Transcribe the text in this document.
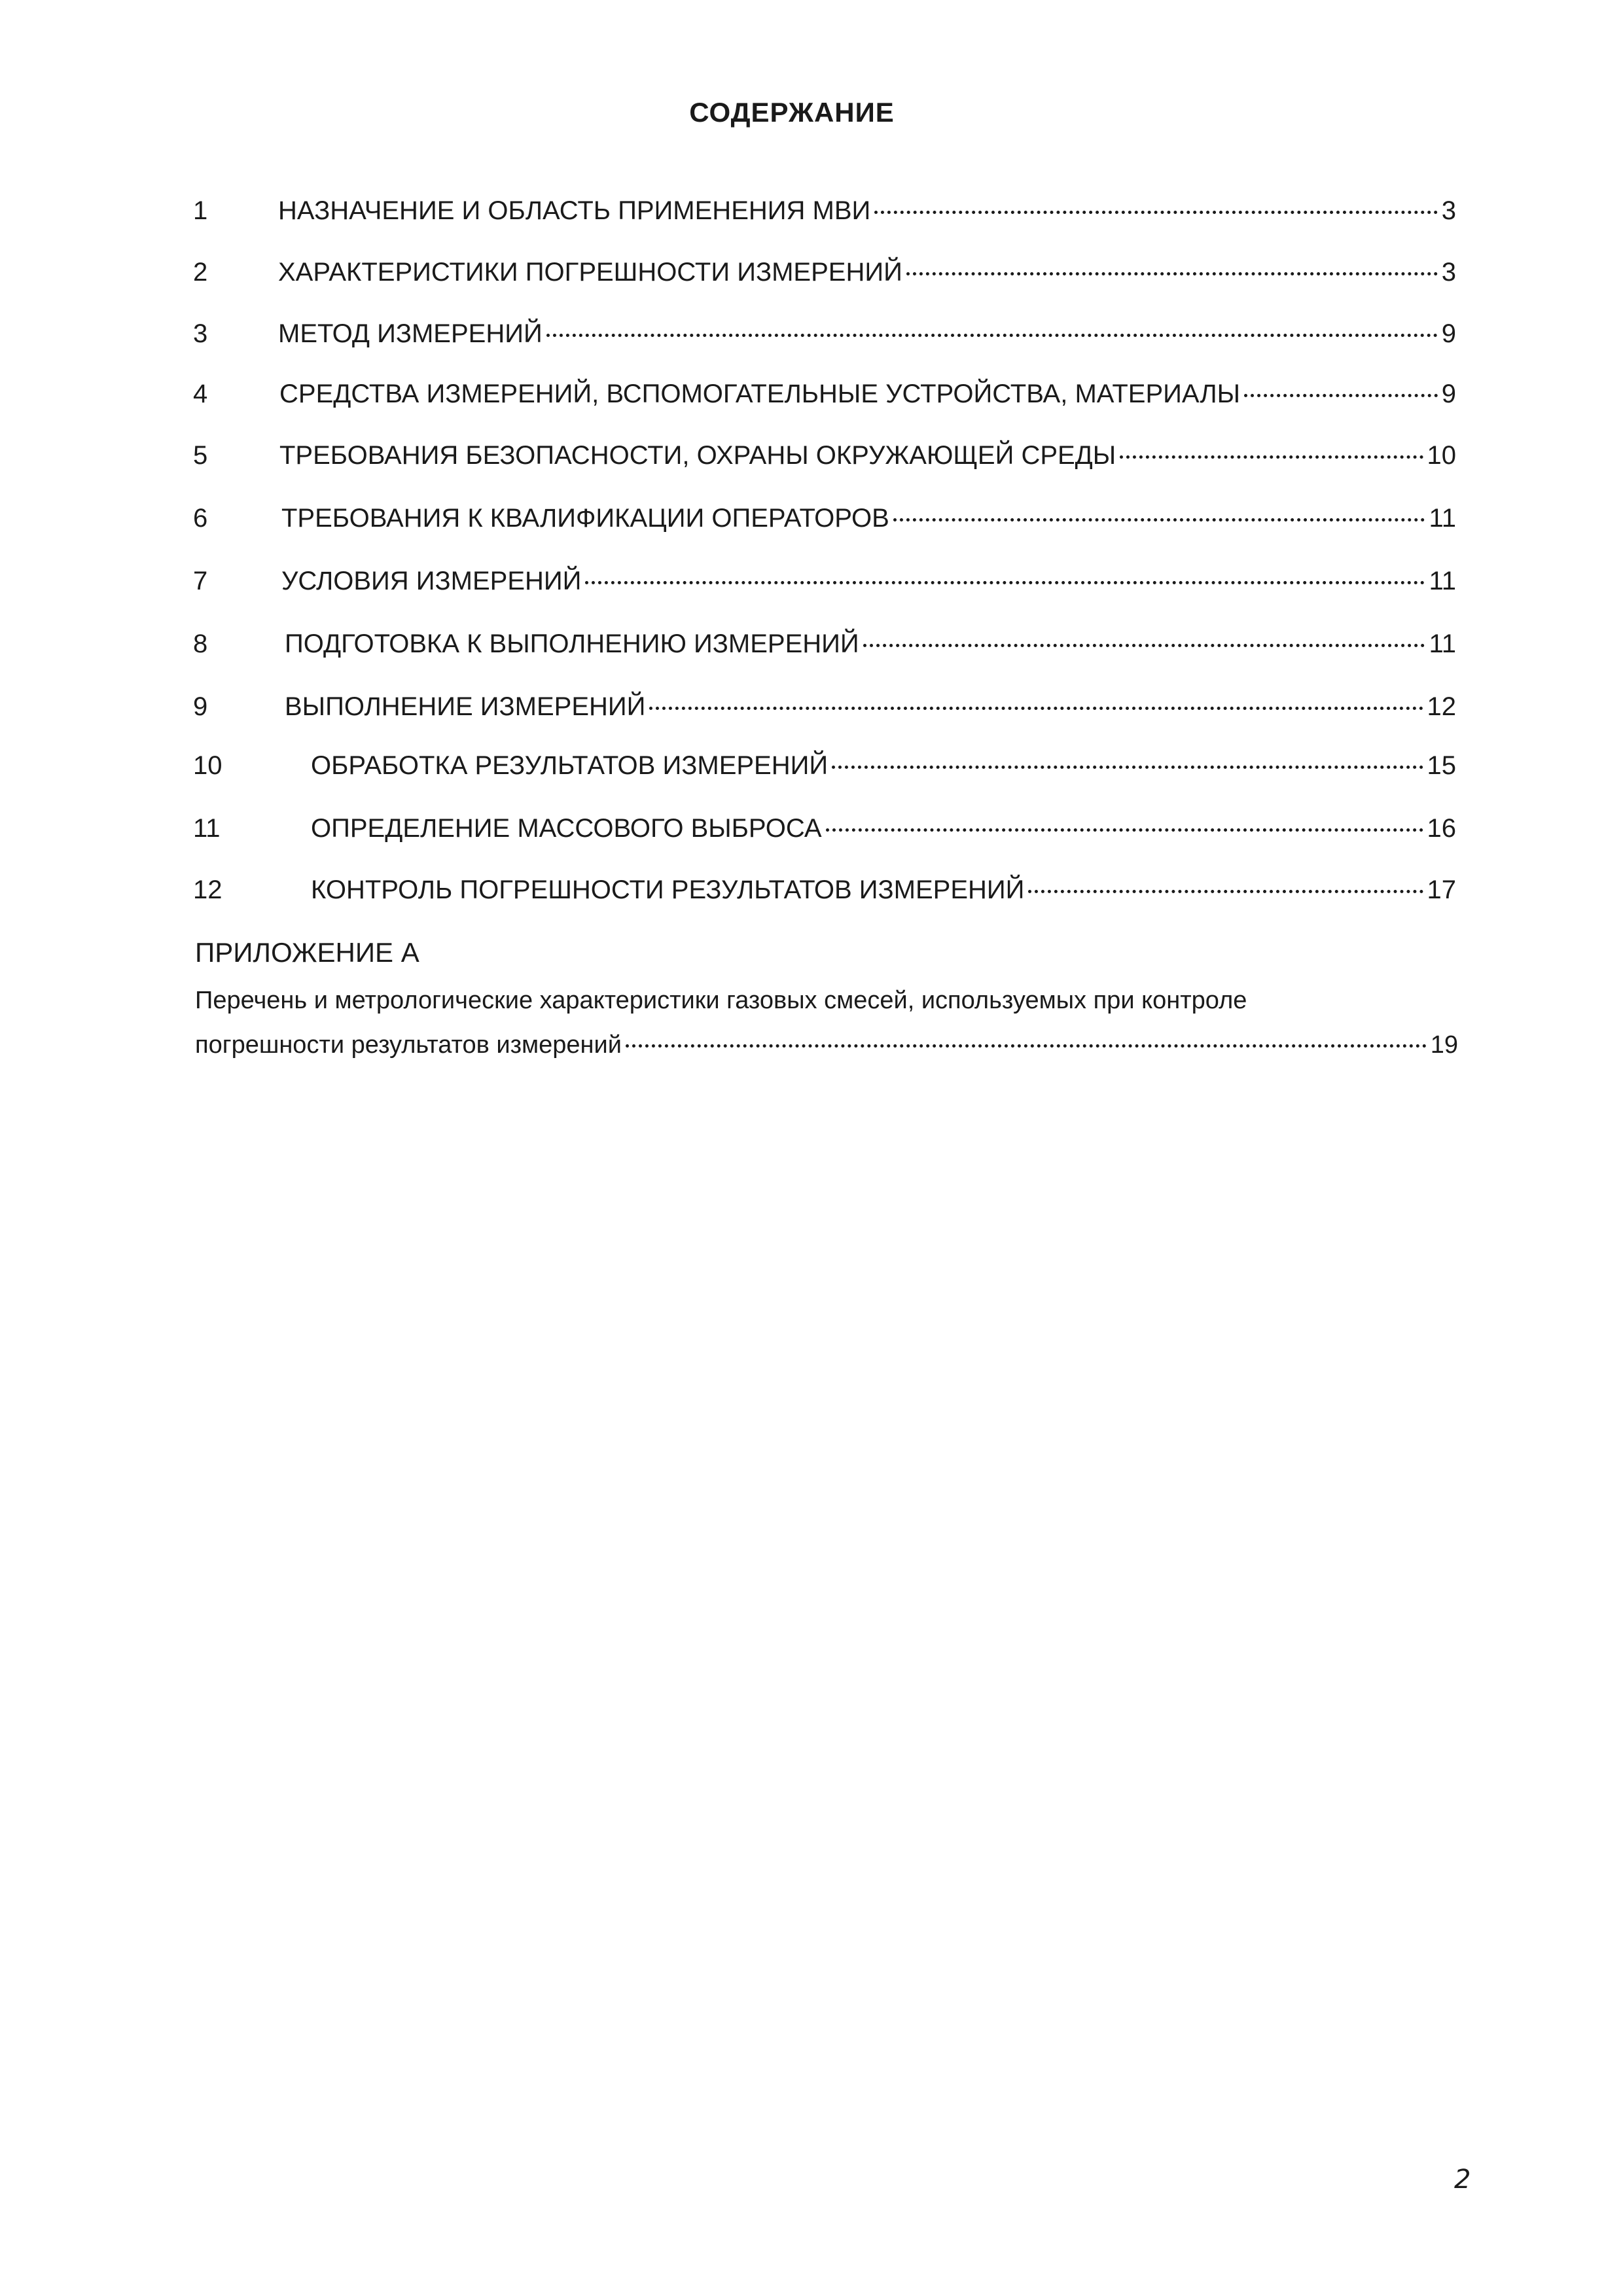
СОДЕРЖАНИЕ
1	НАЗНАЧЕНИЕ И ОБЛАСТЬ ПРИМЕНЕНИЯ МВИ	3
2	ХАРАКТЕРИСТИКИ ПОГРЕШНОСТИ ИЗМЕРЕНИЙ	3
3	МЕТОД ИЗМЕРЕНИЙ	9
4	СРЕДСТВА ИЗМЕРЕНИЙ, ВСПОМОГАТЕЛЬНЫЕ УСТРОЙСТВА, МАТЕРИАЛЫ	9
5	ТРЕБОВАНИЯ БЕЗОПАСНОСТИ, ОХРАНЫ ОКРУЖАЮЩЕЙ СРЕДЫ	10
6	ТРЕБОВАНИЯ К КВАЛИФИКАЦИИ ОПЕРАТОРОВ	11
7	УСЛОВИЯ ИЗМЕРЕНИЙ	11
8	ПОДГОТОВКА К ВЫПОЛНЕНИЮ ИЗМЕРЕНИЙ	11
9	ВЫПОЛНЕНИЕ ИЗМЕРЕНИЙ	12
10	ОБРАБОТКА РЕЗУЛЬТАТОВ ИЗМЕРЕНИЙ	15
11	ОПРЕДЕЛЕНИЕ МАССОВОГО ВЫБРОСА	16
12	КОНТРОЛЬ ПОГРЕШНОСТИ РЕЗУЛЬТАТОВ ИЗМЕРЕНИЙ	17
ПРИЛОЖЕНИЕ А
Перечень и метрологические характеристики газовых смесей, используемых при контроле
погрешности результатов измерений	19
2
